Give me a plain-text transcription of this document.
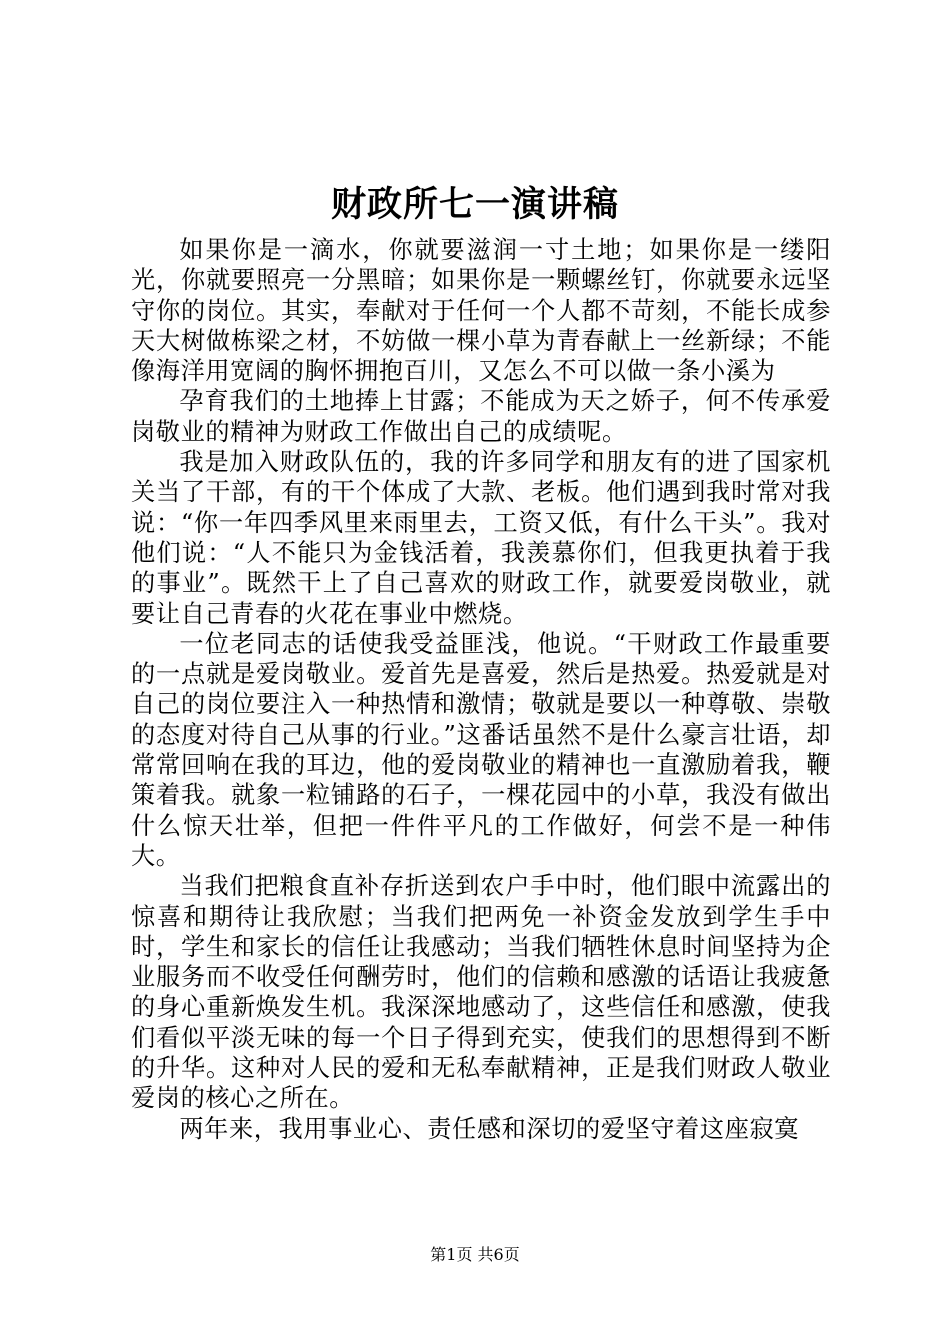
财政所七一演讲稿

如果你是一滴水，你就要滋润一寸土地；如果你是一缕阳光，你就要照亮一分黑暗；如果你是一颗螺丝钉，你就要永远坚守你的岗位。其实，奉献对于任何一个人都不苛刻，不能长成参天大树做栋梁之材，不妨做一棵小草为青春献上一丝新绿；不能像海洋用宽阔的胸怀拥抱百川，又怎么不可以做一条小溪为

孕育我们的土地捧上甘露；不能成为天之娇子，何不传承爱岗敬业的精神为财政工作做出自己的成绩呢。

我是加入财政队伍的，我的许多同学和朋友有的进了国家机关当了干部，有的干个体成了大款、老板。他们遇到我时常对我说：“你一年四季风里来雨里去，工资又低，有什么干头”。我对他们说：“人不能只为金钱活着，我羡慕你们，但我更执着于我的事业”。既然干上了自己喜欢的财政工作，就要爱岗敬业，就要让自己青春的火花在事业中燃烧。

一位老同志的话使我受益匪浅，他说。“干财政工作最重要的一点就是爱岗敬业。爱首先是喜爱，然后是热爱。热爱就是对自己的岗位要注入一种热情和激情；敬就是要以一种尊敬、崇敬的态度对待自己从事的行业。”这番话虽然不是什么豪言壮语，却常常回响在我的耳边，他的爱岗敬业的精神也一直激励着我，鞭策着我。就象一粒铺路的石子，一棵花园中的小草，我没有做出什么惊天壮举，但把一件件平凡的工作做好，何尝不是一种伟大。

当我们把粮食直补存折送到农户手中时，他们眼中流露出的惊喜和期待让我欣慰；当我们把两免一补资金发放到学生手中时，学生和家长的信任让我感动；当我们牺牲休息时间坚持为企业服务而不收受任何酬劳时，他们的信赖和感激的话语让我疲惫的身心重新焕发生机。我深深地感动了，这些信任和感激，使我们看似平淡无味的每一个日子得到充实，使我们的思想得到不断的升华。这种对人民的爱和无私奉献精神，正是我们财政人敬业爱岗的核心之所在。

两年来，我用事业心、责任感和深切的爱坚守着这座寂寞

第1页 共6页
